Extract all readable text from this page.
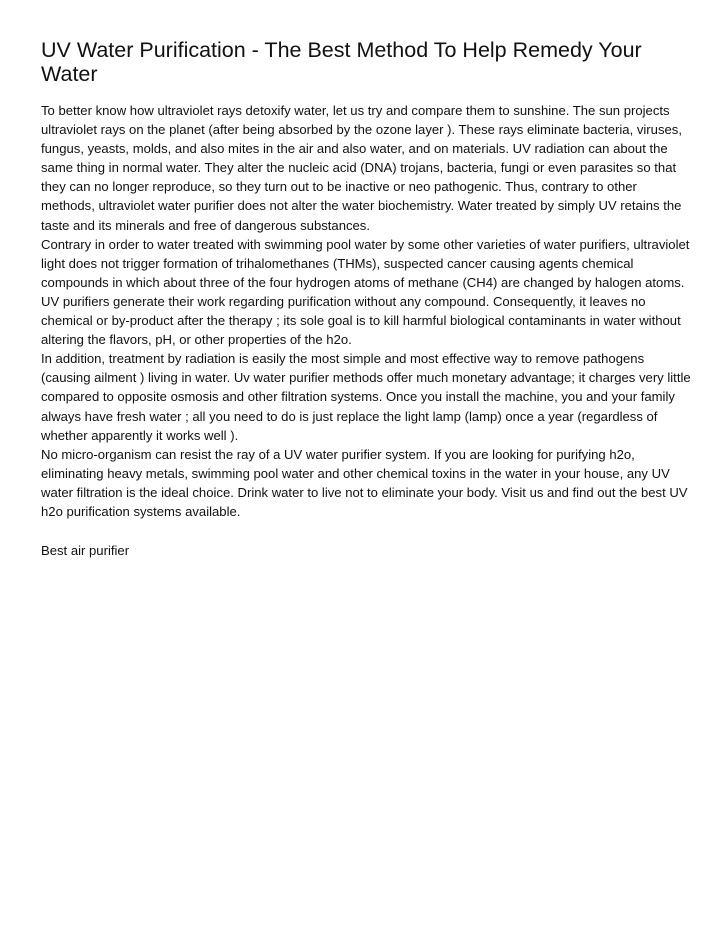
UV Water Purification - The Best Method To Help Remedy Your Water

To better know how ultraviolet rays detoxify water, let us try and compare them to sunshine. The sun projects ultraviolet rays on the planet (after being absorbed by the ozone layer ). These rays eliminate bacteria, viruses, fungus, yeasts, molds, and also mites in the air and also water, and on materials. UV radiation can about the same thing in normal water. They alter the nucleic acid (DNA) trojans, bacteria, fungi or even parasites so that they can no longer reproduce, so they turn out to be inactive or neo pathogenic. Thus, contrary to other methods, ultraviolet water purifier does not alter the water biochemistry. Water treated by simply UV retains the taste and its minerals and free of dangerous substances.

Contrary in order to water treated with swimming pool water by some other varieties of water purifiers, ultraviolet light does not trigger formation of trihalomethanes (THMs), suspected cancer causing agents chemical compounds in which about three of the four hydrogen atoms of methane (CH4) are changed by halogen atoms. UV purifiers generate their work regarding purification without any compound. Consequently, it leaves no chemical or by-product after the therapy ; its sole goal is to kill harmful biological contaminants in water without altering the flavors, pH, or other properties of the h2o.

In addition, treatment by radiation is easily the most simple and most effective way to remove pathogens (causing ailment ) living in water. Uv water purifier methods offer much monetary advantage; it charges very little compared to opposite osmosis and other filtration systems. Once you install the machine, you and your family always have fresh water ; all you need to do is just replace the light lamp (lamp) once a year (regardless of whether apparently it works well ).

No micro-organism can resist the ray of a UV water purifier system. If you are looking for purifying h2o, eliminating heavy metals, swimming pool water and other chemical toxins in the water in your house, any UV water filtration is the ideal choice. Drink water to live not to eliminate your body. Visit us and find out the best UV h2o purification systems available.

Best air purifier
